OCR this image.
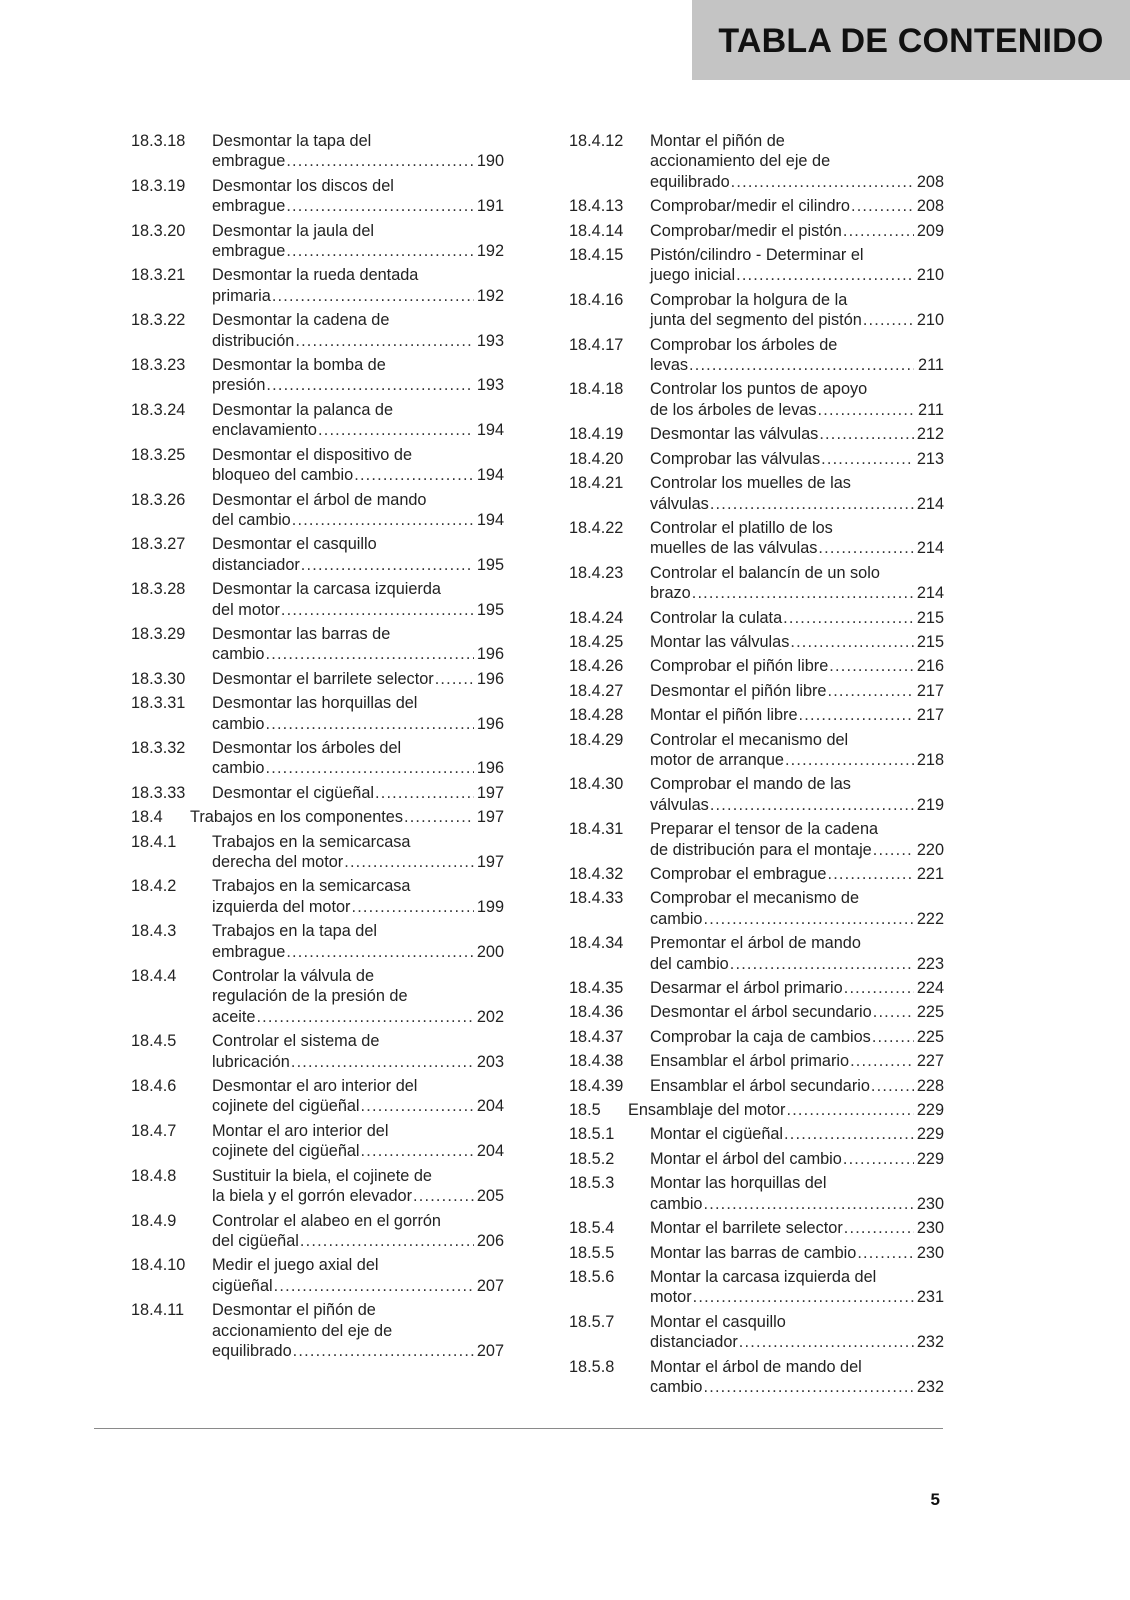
TABLA DE CONTENIDO
18.3.18 Desmontar la tapa del
embrague .....	190
18.3.19 Desmontar los discos del
embrague .....	191
18.3.20 Desmontar la jaula del
embrague .....	192
18.3.21 Desmontar la rueda dentada
primaria .....	192
18.3.22 Desmontar la cadena de
distribución .....	193
18.3.23 Desmontar la bomba de
presión .....	193
18.3.24 Desmontar la palanca de
enclavamiento .....	194
18.3.25 Desmontar el dispositivo de
bloqueo del cambio .....	194
18.3.26 Desmontar el árbol de mando
del cambio .....	194
18.3.27 Desmontar el casquillo
distanciador .....	195
18.3.28 Desmontar la carcasa izquierda
del motor .....	195
18.3.29 Desmontar las barras de
cambio .....	196
18.3.30 Desmontar el barrilete selector .....	196
18.3.31 Desmontar las horquillas del
cambio .....	196
18.3.32 Desmontar los árboles del
cambio .....	196
18.3.33 Desmontar el cigüeñal .....	197
18.4 Trabajos en los componentes .....	197
18.4.1 Trabajos en la semicarcasa
derecha del motor .....	197
18.4.2 Trabajos en la semicarcasa
izquierda del motor .....	199
18.4.3 Trabajos en la tapa del
embrague .....	200
18.4.4 Controlar la válvula de
regulación de la presión de
aceite .....	202
18.4.5 Controlar el sistema de
lubricación .....	203
18.4.6 Desmontar el aro interior del
cojinete del cigüeñal .....	204
18.4.7 Montar el aro interior del
cojinete del cigüeñal .....	204
18.4.8 Sustituir la biela, el cojinete de
la biela y el gorrón elevador .....	205
18.4.9 Controlar el alabeo en el gorrón
del cigüeñal .....	206
18.4.10 Medir el juego axial del
cigüeñal .....	207
18.4.11 Desmontar el piñón de
accionamiento del eje de
equilibrado .....	207
18.4.12 Montar el piñón de
accionamiento del eje de
equilibrado .....	208
18.4.13 Comprobar/medir el cilindro .....	208
18.4.14 Comprobar/medir el pistón .....	209
18.4.15 Pistón/cilindro - Determinar el
juego inicial .....	210
18.4.16 Comprobar la holgura de la
junta del segmento del pistón .....	210
18.4.17 Comprobar los árboles de
levas .....	211
18.4.18 Controlar los puntos de apoyo
de los árboles de levas .....	211
18.4.19 Desmontar las válvulas .....	212
18.4.20 Comprobar las válvulas .....	213
18.4.21 Controlar los muelles de las
válvulas .....	214
18.4.22 Controlar el platillo de los
muelles de las válvulas .....	214
18.4.23 Controlar el balancín de un solo
brazo .....	214
18.4.24 Controlar la culata .....	215
18.4.25 Montar las válvulas .....	215
18.4.26 Comprobar el piñón libre .....	216
18.4.27 Desmontar el piñón libre .....	217
18.4.28 Montar el piñón libre .....	217
18.4.29 Controlar el mecanismo del
motor de arranque .....	218
18.4.30 Comprobar el mando de las
válvulas .....	219
18.4.31 Preparar el tensor de la cadena
de distribución para el montaje .....	220
18.4.32 Comprobar el embrague .....	221
18.4.33 Comprobar el mecanismo de
cambio .....	222
18.4.34 Premontar el árbol de mando
del cambio .....	223
18.4.35 Desarmar el árbol primario .....	224
18.4.36 Desmontar el árbol secundario .....	225
18.4.37 Comprobar la caja de cambios .....	225
18.4.38 Ensamblar el árbol primario .....	227
18.4.39 Ensamblar el árbol secundario .....	228
18.5 Ensamblaje del motor .....	229
18.5.1 Montar el cigüeñal .....	229
18.5.2 Montar el árbol del cambio .....	229
18.5.3 Montar las horquillas del
cambio .....	230
18.5.4 Montar el barrilete selector .....	230
18.5.5 Montar las barras de cambio .....	230
18.5.6 Montar la carcasa izquierda del
motor .....	231
18.5.7 Montar el casquillo
distanciador .....	232
18.5.8 Montar el árbol de mando del
cambio .....	232
5
